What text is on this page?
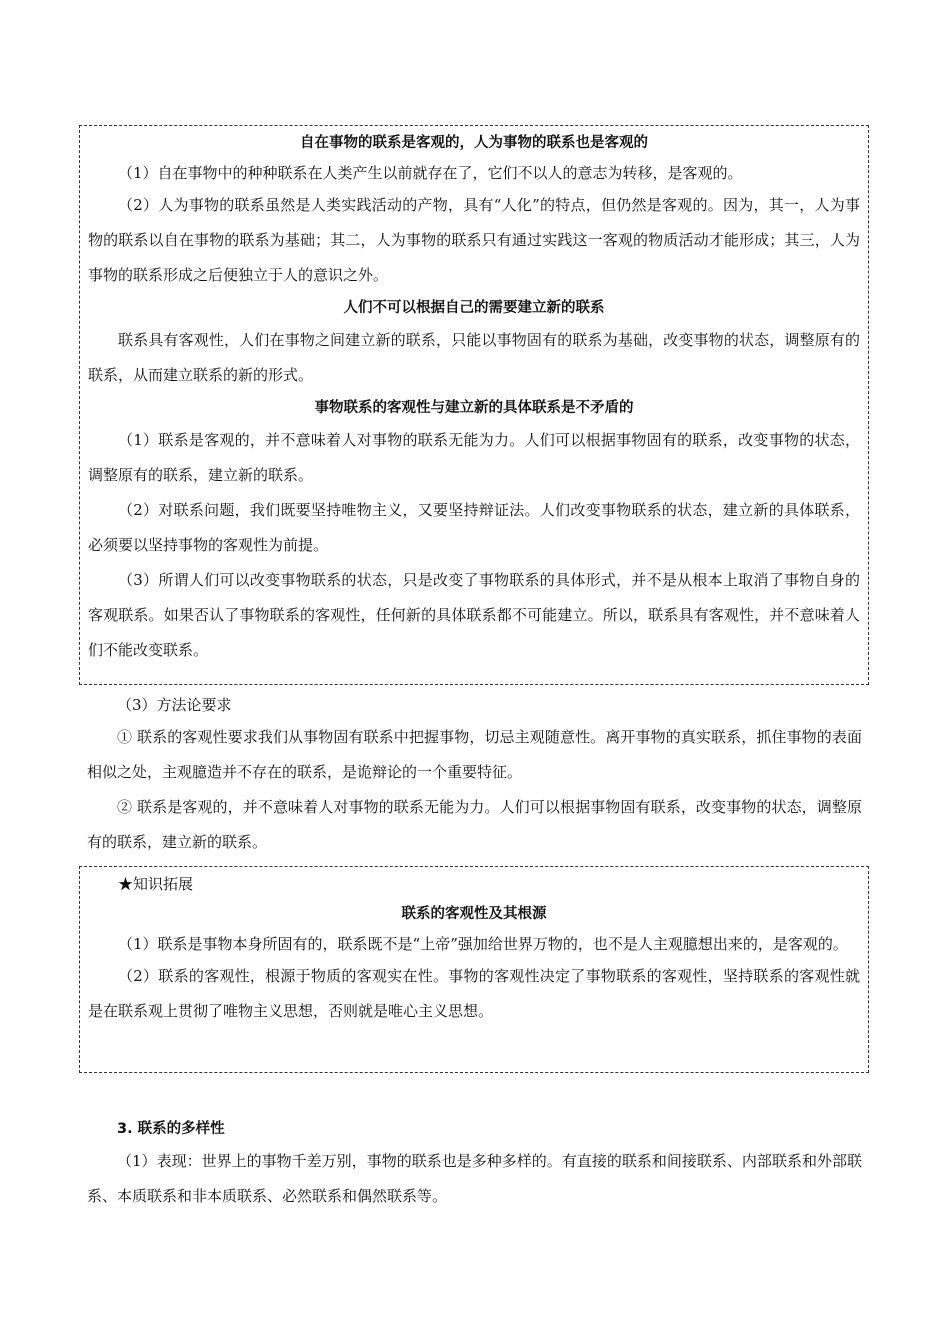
自在事物的联系是客观的，人为事物的联系也是客观的

（1）自在事物中的种种联系在人类产生以前就存在了，它们不以人的意志为转移，是客观的。

（2）人为事物的联系虽然是人类实践活动的产物，具有“人化”的特点，但仍然是客观的。因为，其一，人为事物的联系以自在事物的联系为基础；其二，人为事物的联系只有通过实践这一客观的物质活动才能形成；其三，人为事物的联系形成之后便独立于人的意识之外。

人们不可以根据自己的需要建立新的联系

联系具有客观性，人们在事物之间建立新的联系，只能以事物固有的联系为基础，改变事物的状态，调整原有的联系，从而建立联系的新的形式。

事物联系的客观性与建立新的具体联系是不矛盾的

（1）联系是客观的，并不意味着人对事物的联系无能为力。人们可以根据事物固有的联系，改变事物的状态，调整原有的联系，建立新的联系。

（2）对联系问题，我们既要坚持唯物主义，又要坚持辩证法。人们改变事物联系的状态，建立新的具体联系，必须要以坚持事物的客观性为前提。

（3）所谓人们可以改变事物联系的状态，只是改变了事物联系的具体形式，并不是从根本上取消了事物自身的客观联系。如果否认了事物联系的客观性，任何新的具体联系都不可能建立。所以，联系具有客观性，并不意味着人们不能改变联系。

（3）方法论要求

① 联系的客观性要求我们从事物固有联系中把握事物，切忌主观随意性。离开事物的真实联系，抓住事物的表面相似之处，主观臆造并不存在的联系，是诡辩论的一个重要特征。

② 联系是客观的，并不意味着人对事物的联系无能为力。人们可以根据事物固有联系，改变事物的状态，调整原有的联系，建立新的联系。

★知识拓展

联系的客观性及其根源

（1）联系是事物本身所固有的，联系既不是“上帝”强加给世界万物的，也不是人主观臆想出来的，是客观的。

（2）联系的客观性，根源于物质的客观实在性。事物的客观性决定了事物联系的客观性，坚持联系的客观性就是在联系观上贯彻了唯物主义思想，否则就是唯心主义思想。

3. 联系的多样性

（1）表现：世界上的事物千差万别，事物的联系也是多种多样的。有直接的联系和间接联系、内部联系和外部联系、本质联系和非本质联系、必然联系和偶然联系等。
